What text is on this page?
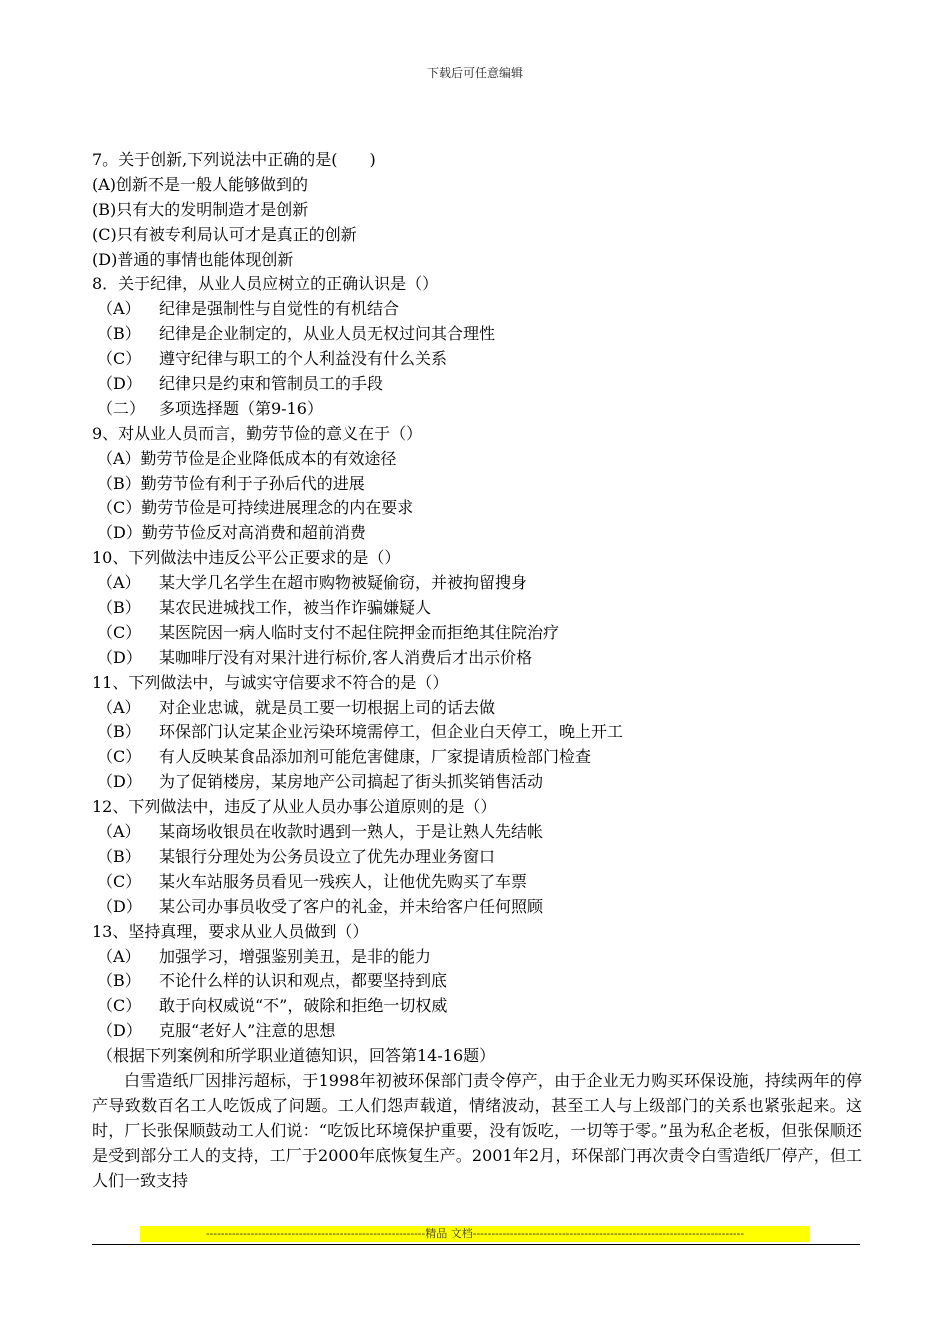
下载后可任意编辑
7。关于创新,下列说法中正确的是(　　)
(A)创新不是一般人能够做到的
(B)只有大的发明制造才是创新
(C)只有被专利局认可才是真正的创新
(D)普通的事情也能体现创新
8．关于纪律，从业人员应树立的正确认识是（）
（A） 纪律是强制性与自觉性的有机结合
（B） 纪律是企业制定的，从业人员无权过问其合理性
（C） 遵守纪律与职工的个人利益没有什么关系
（D） 纪律只是约束和管制员工的手段
（二） 多项选择题（第9-16）
9、对从业人员而言，勤劳节俭的意义在于（）
（A）勤劳节俭是企业降低成本的有效途径
（B）勤劳节俭有利于子孙后代的进展
（C）勤劳节俭是可持续进展理念的内在要求
（D）勤劳节俭反对高消费和超前消费
10、下列做法中违反公平公正要求的是（）
（A） 某大学几名学生在超市购物被疑偷窃，并被拘留搜身
（B） 某农民进城找工作，被当作诈骗嫌疑人
（C） 某医院因一病人临时支付不起住院押金而拒绝其住院治疗
（D） 某咖啡厅没有对果汁进行标价,客人消费后才出示价格
11、下列做法中，与诚实守信要求不符合的是（）
（A） 对企业忠诚，就是员工要一切根据上司的话去做
（B） 环保部门认定某企业污染环境需停工，但企业白天停工，晚上开工
（C） 有人反映某食品添加剂可能危害健康，厂家提请质检部门检查
（D） 为了促销楼房，某房地产公司搞起了街头抓奖销售活动
12、下列做法中，违反了从业人员办事公道原则的是（）
（A） 某商场收银员在收款时遇到一熟人，于是让熟人先结帐
（B） 某银行分理处为公务员设立了优先办理业务窗口
（C） 某火车站服务员看见一残疾人，让他优先购买了车票
（D） 某公司办事员收受了客户的礼金，并未给客户任何照顾
13、坚持真理，要求从业人员做到（）
（A） 加强学习，增强鉴别美丑，是非的能力
（B） 不论什么样的认识和观点，都要坚持到底
（C） 敢于向权威说“不”，破除和拒绝一切权威
（D） 克服“老好人”注意的思想
（根据下列案例和所学职业道德知识，回答第14-16题）

白雪造纸厂因排污超标，于1998年初被环保部门责令停产，由于企业无力购买环保设施，持续两年的停产导致数百名工人吃饭成了问题。工人们怨声载道，情绪波动，甚至工人与上级部门的关系也紧张起来。这时，厂长张保顺鼓动工人们说：“吃饭比环境保护重要，没有饭吃，一切等于零。”虽为私企老板，但张保顺还是受到部分工人的支持，工厂于2000年底恢复生产。2001年2月，环保部门再次责令白雪造纸厂停产，但工人们一致支持

-----------------------------------------------------------精品 文档-------------------------------------------------------------------------
